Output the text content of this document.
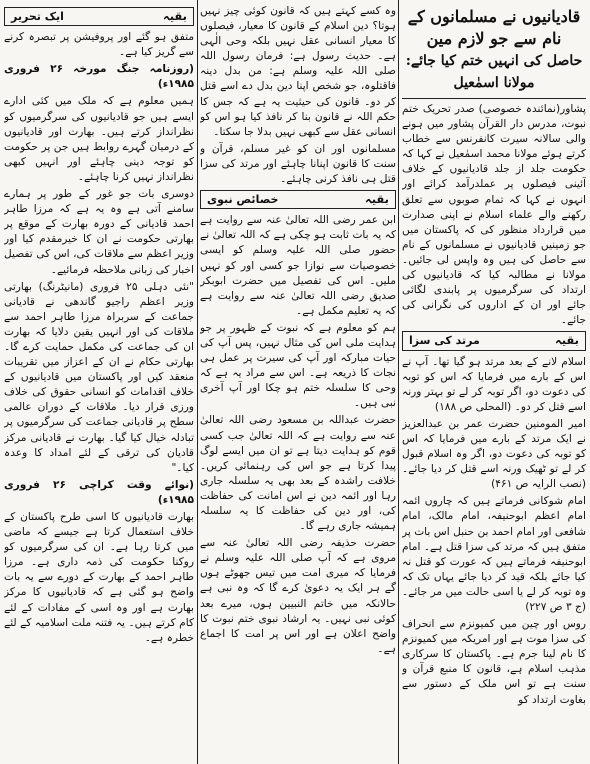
قادیانیوں نے مسلمانوں کے نام سے جو لازم مین
حاصل کی انہیں ختم کیا جائے: مولانا اسمٰعیل

پشاور(نمائندہ خصوصی) صدر تحریک ختم نبوت، مدرس دار القرآن پشاور میں ہونے والی سالانہ سیرت کانفرنس سے خطاب کرتے ہوئے مولانا محمد اسمٰعیل نے کہا کہ حکومت جلد از جلد قادیانیوں کے خلاف آئینی فیصلوں پر عملدرآمد کرائے اور انہوں نے کہا کہ تمام صوبوں سے تعلق رکھنے والے علماء اسلام نے اپنی صدارت میں قرارداد منظور کی کہ پاکستان میں جو زمینیں قادیانیوں نے مسلمانوں کے نام سے حاصل کی ہیں وہ واپس لی جائیں۔ مولانا نے مطالبہ کیا کہ قادیانیوں کی ارتداد کی سرگرمیوں پر پابندی لگائی جائے اور ان کے اداروں کی نگرانی کی جائے۔

بقیہ
مرتد کی سزا

اسلام لانے کے بعد مرتد ہو گیا تھا۔ آپ نے اس کے بارے میں فرمایا کہ اس کو توبہ کی دعوت دو، اگر توبہ کر لے تو بہتر ورنہ اسے قتل کر دو۔ (المحلی ص ۱۸۸)

امیر المومنین حضرت عمر بن عبدالعزیز نے ایک مرتد کے بارے میں فرمایا کہ اس کو توبہ کی دعوت دو، اگر وہ اسلام قبول کر لے تو ٹھیک ورنہ اسے قتل کر دیا جائے۔ (نصب الرایہ ص ۴۶۱)

امام شوکانی فرماتے ہیں کہ چاروں ائمہ امام اعظم ابوحنیفہ، امام مالک، امام شافعی اور امام احمد بن حنبل اس بات پر متفق ہیں کہ مرتد کی سزا قتل ہے۔ امام ابوحنیفہ فرماتے ہیں کہ عورت کو قتل نہ کیا جائے بلکہ قید کر دیا جائے یہاں تک کہ وہ توبہ کر لے یا اسی حالت میں مر جائے۔ (ج ۳ ص ۲۲۷)

روس اور چین میں کمیونزم سے انحراف کی سزا موت ہے اور امریکہ میں کمیونزم کا نام لینا جرم ہے۔ پاکستان کا سرکاری مذہب اسلام ہے، قانون کا منبع قرآن و سنت ہے تو اس ملک کے دستور سے بغاوت ارتداد کو

وہ کسے کہتے ہیں کہ قانون کوئی چیز نہیں ہوتا؟ دین اسلام کے قانون کا معیار، فیصلوں کا معیار انسانی عقل نہیں بلکہ وحی الٰہی ہے۔ حدیث رسول ہے: فرمان رسول اللہ صلی اللہ علیہ وسلم ہے: من بدل دینہ فاقتلوہ، جو شخص اپنا دین بدل دے اسے قتل کر دو۔ قانون کی حیثیت یہ ہے کہ جس کا حکم اللہ نے قانون بنا کر نافذ کیا ہو اس کو انسانی عقل سے کبھی نہیں بدلا جا سکتا۔

مسلمانوں اور ان کو غیر مسلم، قرآن و سنت کا قانون اپنانا چاہئے اور مرتد کی سزا قتل ہی نافذ کرنی چاہئے۔

بقیہ
خصائص نبوی

ابن عمر رضی اللہ تعالیٰ عنہ سے روایت ہے کہ یہ بات ثابت ہو چکی ہے کہ اللہ تعالیٰ نے حضور صلی اللہ علیہ وسلم کو ایسی خصوصیات سے نوازا جو کسی اور کو نہیں ملیں۔ اس کی تفصیل میں حضرت ابوبکر صدیق رضی اللہ تعالیٰ عنہ سے روایت ہے کہ یہ تعلیم مکمل ہے۔

ہم کو معلوم ہے کہ نبوت کے ظہور پر جو ہدایت ملی اس کی مثال نہیں، پس آپ کی حیات مبارکہ اور آپ کی سیرت پر عمل ہی نجات کا ذریعہ ہے۔ اس سے مراد یہ ہے کہ وحی کا سلسلہ ختم ہو چکا اور آپ آخری نبی ہیں۔

حضرت عبداللہ بن مسعود رضی اللہ تعالیٰ عنہ سے روایت ہے کہ اللہ تعالیٰ جب کسی قوم کو ہدایت دیتا ہے تو ان میں ایسے لوگ پیدا کرتا ہے جو اس کی رہنمائی کریں۔ خلافت راشدہ کے بعد بھی یہ سلسلہ جاری رہا اور ائمہ دین نے اس امانت کی حفاظت کی، اور دین کی حفاظت کا یہ سلسلہ ہمیشہ جاری رہے گا۔

حضرت حذیفہ رضی اللہ تعالیٰ عنہ سے مروی ہے کہ آپ صلی اللہ علیہ وسلم نے فرمایا کہ میری امت میں تیس جھوٹے ہوں گے ہر ایک یہ دعویٰ کرے گا کہ وہ نبی ہے حالانکہ میں خاتم النبیین ہوں، میرے بعد کوئی نبی نہیں۔ یہ ارشاد نبوی ختم نبوت کا واضح اعلان ہے اور اس پر امت کا اجماع ہے۔

بقیہ
ایک تحریر

متفق ہو گئے اور پروفیشن پر تبصرہ کرنے سے گریز کیا ہے۔

(روزنامہ جنگ مورخہ ۲۶ فروری ۱۹۸۵ء)

ہمیں معلوم ہے کہ ملک میں کئی ادارے ایسے ہیں جو قادیانیوں کی سرگرمیوں کو نظرانداز کرتے ہیں۔ بھارت اور قادیانیوں کے درمیان گہرے روابط ہیں جن پر حکومت کو توجہ دینی چاہئے اور انہیں کبھی نظرانداز نہیں کرنا چاہئے۔

دوسری بات جو غور کے طور پر ہمارے سامنے آتی ہے وہ یہ ہے کہ مرزا طاہر احمد قادیانی کے دورہ بھارت کے موقع پر بھارتی حکومت نے ان کا خیرمقدم کیا اور وزیر اعظم سے ملاقات کی، اس کی تفصیل اخبار کی زبانی ملاحظہ فرمائیے۔

"نئی دہلی ۲۵ فروری (مانیٹرنگ) بھارتی وزیر اعظم راجیو گاندھی نے قادیانی جماعت کے سربراہ مرزا طاہر احمد سے ملاقات کی اور انہیں یقین دلایا کہ بھارت ان کی جماعت کی مکمل حمایت کرے گا۔ بھارتی حکام نے ان کے اعزاز میں تقریبات منعقد کیں اور پاکستان میں قادیانیوں کے خلاف اقدامات کو انسانی حقوق کی خلاف ورزی قرار دیا۔ ملاقات کے دوران عالمی سطح پر قادیانی جماعت کی سرگرمیوں پر تبادلہ خیال کیا گیا۔ بھارت نے قادیانی مرکز قادیان کی ترقی کے لئے امداد کا وعدہ کیا۔"

(نوائے وقت کراچی ۲۶ فروری ۱۹۸۵ء)

بھارت قادیانیوں کا اسی طرح پاکستان کے خلاف استعمال کرتا ہے جیسے کہ ماضی میں کرتا رہا ہے۔ ان کی سرگرمیوں کو روکنا حکومت کی ذمہ داری ہے۔ مرزا طاہر احمد کے بھارت کے دورے سے یہ بات واضح ہو گئی ہے کہ قادیانیوں کا مرکز بھارت ہے اور وہ اسی کے مفادات کے لئے کام کرتے ہیں۔ یہ فتنہ ملت اسلامیہ کے لئے خطرہ ہے۔
